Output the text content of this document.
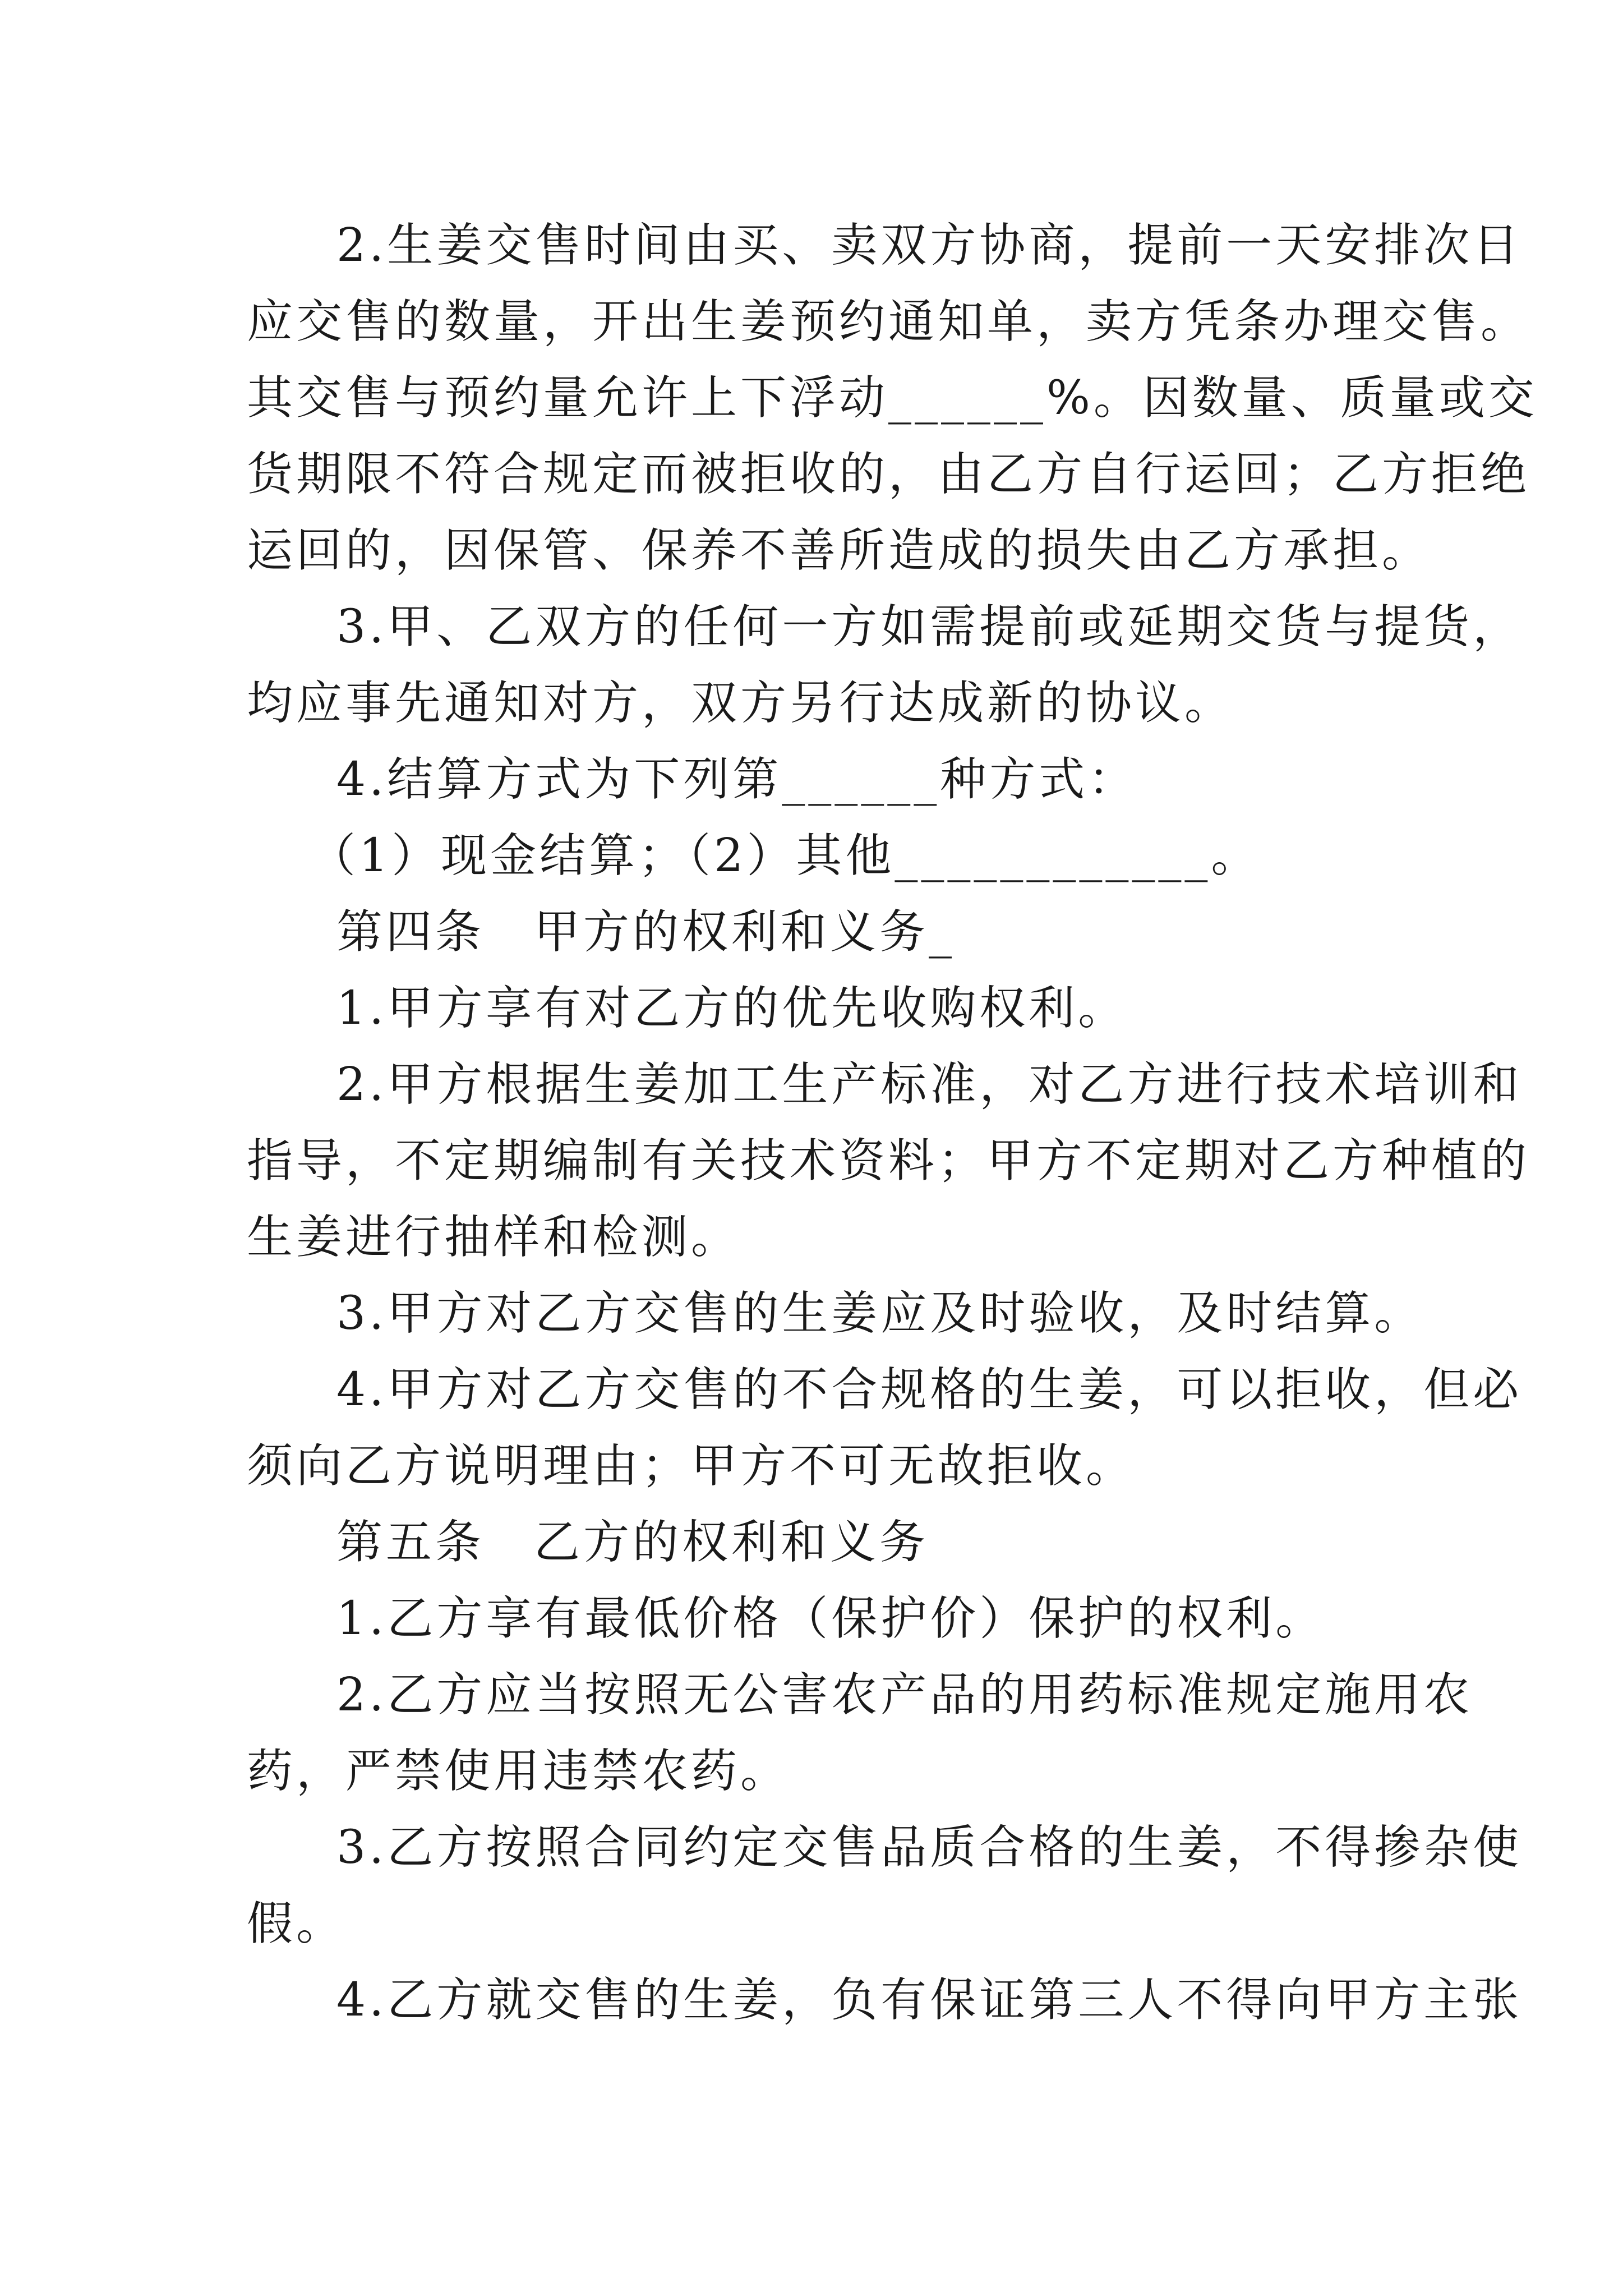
2.生姜交售时间由买、卖双方协商，提前一天安排次日
应交售的数量，开出生姜预约通知单，卖方凭条办理交售。
其交售与预约量允许上下浮动______%。因数量、质量或交
货期限不符合规定而被拒收的，由乙方自行运回；乙方拒绝
运回的，因保管、保养不善所造成的损失由乙方承担。
3.甲、乙双方的任何一方如需提前或延期交货与提货，
均应事先通知对方，双方另行达成新的协议。
4.结算方式为下列第______种方式：
（1）现金结算；（2）其他____________。
第四条　甲方的权利和义务_
1.甲方享有对乙方的优先收购权利。
2.甲方根据生姜加工生产标准，对乙方进行技术培训和
指导，不定期编制有关技术资料；甲方不定期对乙方种植的
生姜进行抽样和检测。
3.甲方对乙方交售的生姜应及时验收，及时结算。
4.甲方对乙方交售的不合规格的生姜，可以拒收，但必
须向乙方说明理由；甲方不可无故拒收。
第五条　乙方的权利和义务
1.乙方享有最低价格（保护价）保护的权利。
2.乙方应当按照无公害农产品的用药标准规定施用农
药，严禁使用违禁农药。
3.乙方按照合同约定交售品质合格的生姜，不得掺杂使
假。
4.乙方就交售的生姜，负有保证第三人不得向甲方主张
